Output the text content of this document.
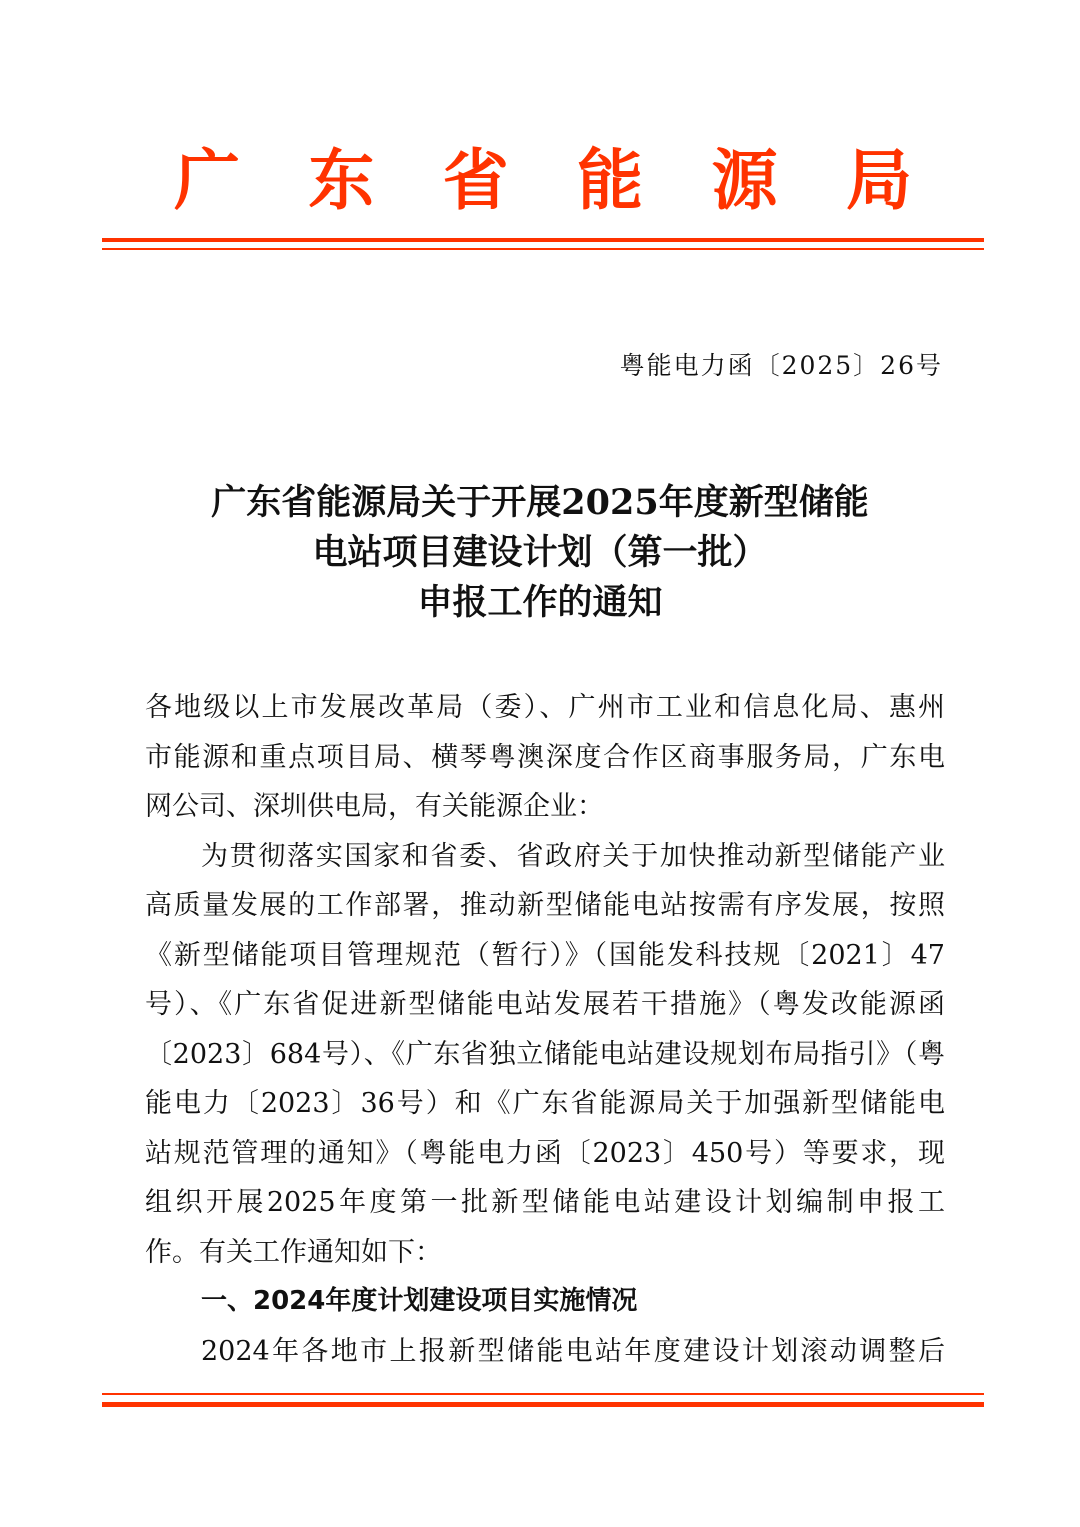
广 东 省 能 源 局
粤能电力函〔2025〕26号
广东省能源局关于开展2025年度新型储能
电站项目建设计划（第一批）
申报工作的通知
各地级以上市发展改革局（委）、广州市工业和信息化局、惠州
市能源和重点项目局、横琴粤澳深度合作区商事服务局，广东电
网公司、深圳供电局，有关能源企业：
为贯彻落实国家和省委、省政府关于加快推动新型储能产业
高质量发展的工作部署，推动新型储能电站按需有序发展，按照
《新型储能项目管理规范（暂行）》（国能发科技规〔2021〕47
号）、《广东省促进新型储能电站发展若干措施》（粤发改能源函
〔2023〕684号）、《广东省独立储能电站建设规划布局指引》（粤
能电力〔2023〕36号）和《广东省能源局关于加强新型储能电
站规范管理的通知》（粤能电力函〔2023〕450号）等要求，现
组织开展2025年度第一批新型储能电站建设计划编制申报工
作。有关工作通知如下：
一、2024年度计划建设项目实施情况
2024年各地市上报新型储能电站年度建设计划滚动调整后
